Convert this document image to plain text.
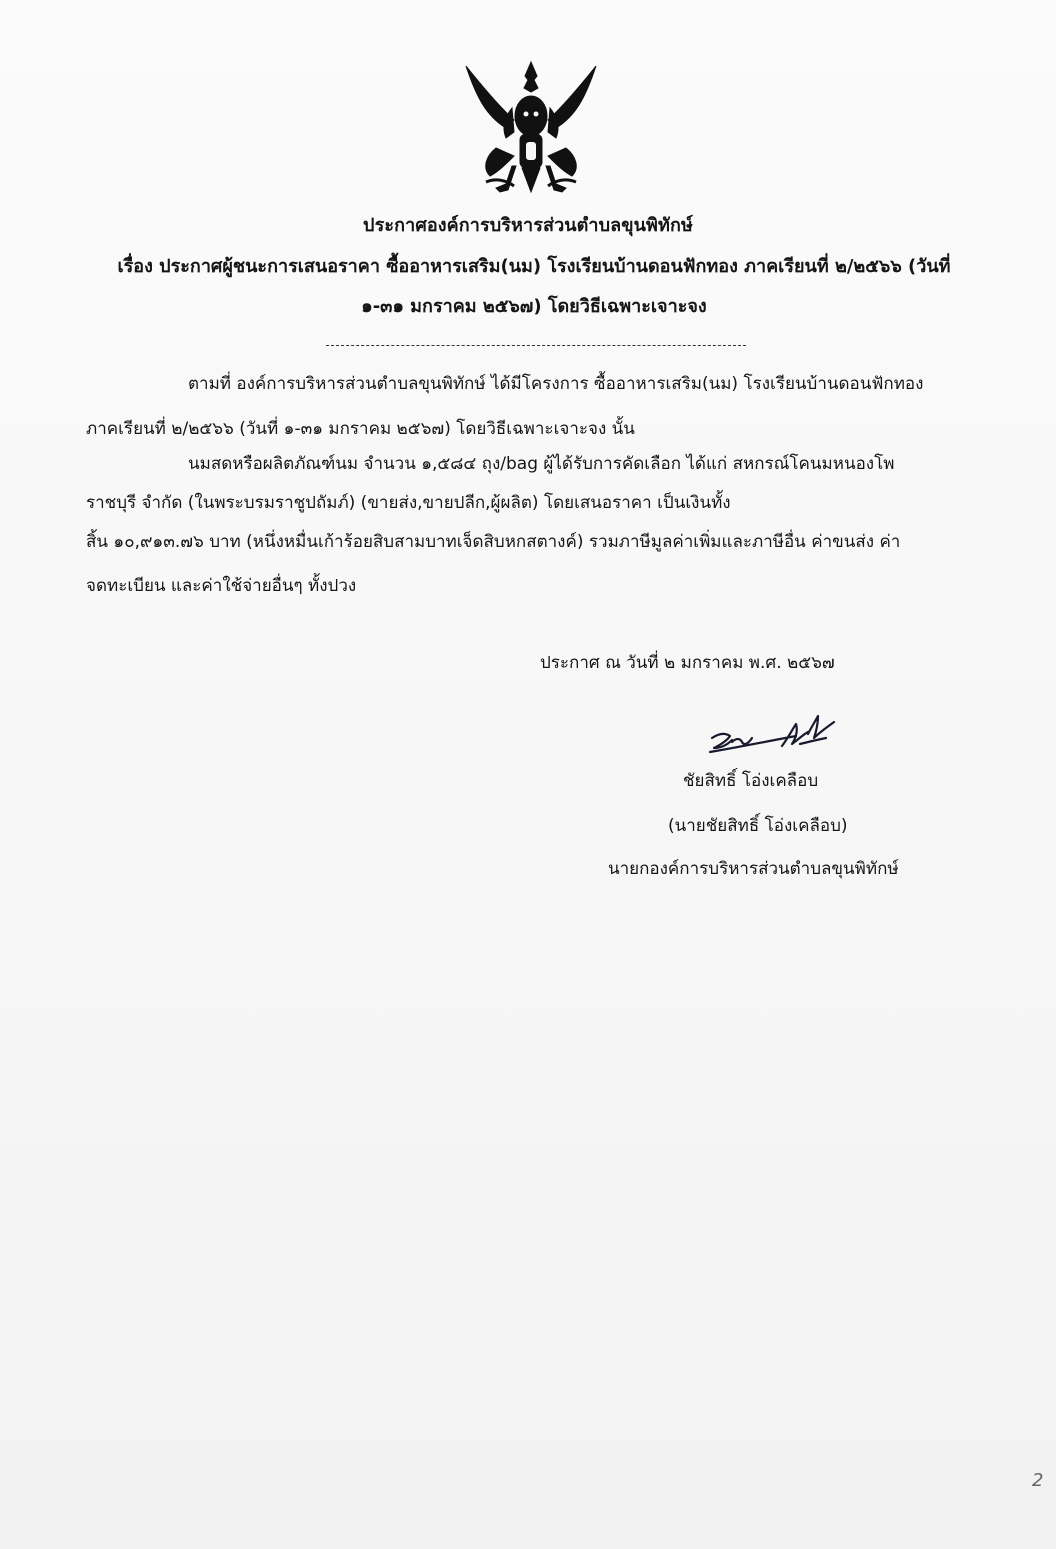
ประกาศองค์การบริหารส่วนตำบลขุนพิทักษ์
เรื่อง ประกาศผู้ชนะการเสนอราคา ซื้ออาหารเสริม(นม) โรงเรียนบ้านดอนฟักทอง ภาคเรียนที่ ๒/๒๕๖๖ (วันที่
๑-๓๑ มกราคม ๒๕๖๗) โดยวิธีเฉพาะเจาะจง
ตามที่ องค์การบริหารส่วนตำบลขุนพิทักษ์ ได้มีโครงการ ซื้ออาหารเสริม(นม) โรงเรียนบ้านดอนฟักทอง
ภาคเรียนที่ ๒/๒๕๖๖ (วันที่ ๑-๓๑ มกราคม ๒๕๖๗) โดยวิธีเฉพาะเจาะจง นั้น
นมสดหรือผลิตภัณฑ์นม จำนวน ๑,๕๘๔ ถุง/bag ผู้ได้รับการคัดเลือก ได้แก่ สหกรณ์โคนมหนองโพ
ราชบุรี จำกัด (ในพระบรมราชูปถัมภ์) (ขายส่ง,ขายปลีก,ผู้ผลิต) โดยเสนอราคา เป็นเงินทั้ง
สิ้น ๑๐,๙๑๓.๗๖ บาท (หนึ่งหมื่นเก้าร้อยสิบสามบาทเจ็ดสิบหกสตางค์) รวมภาษีมูลค่าเพิ่มและภาษีอื่น ค่าขนส่ง ค่า
จดทะเบียน และค่าใช้จ่ายอื่นๆ ทั้งปวง
ประกาศ ณ วันที่ ๒ มกราคม พ.ศ. ๒๕๖๗
ชัยสิทธิ์ โอ่งเคลือบ
(นายชัยสิทธิ์ โอ่งเคลือบ)
นายกองค์การบริหารส่วนตำบลขุนพิทักษ์
2
